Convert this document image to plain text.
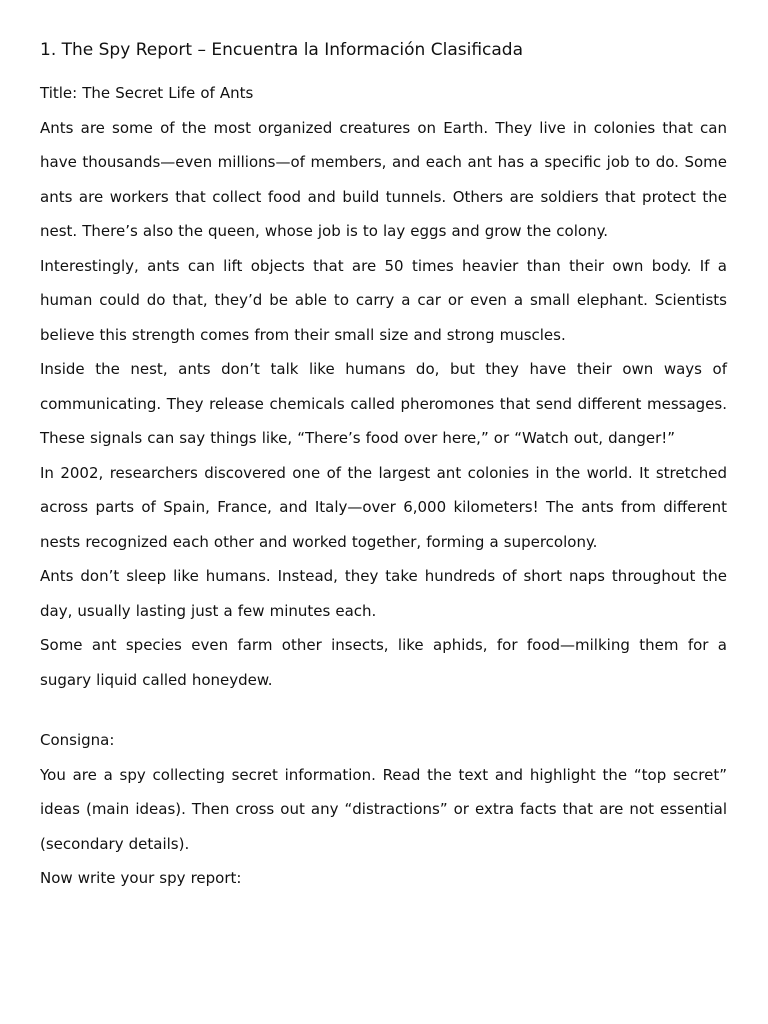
1. The Spy Report – Encuentra la Información Clasificada

Title: The Secret Life of Ants

Ants are some of the most organized creatures on Earth. They live in colonies that can have thousands—even millions—of members, and each ant has a specific job to do. Some ants are workers that collect food and build tunnels. Others are soldiers that protect the nest. There’s also the queen, whose job is to lay eggs and grow the colony.

Interestingly, ants can lift objects that are 50 times heavier than their own body. If a human could do that, they’d be able to carry a car or even a small elephant. Scientists believe this strength comes from their small size and strong muscles.

Inside the nest, ants don’t talk like humans do, but they have their own ways of communicating. They release chemicals called pheromones that send different messages. These signals can say things like, “There’s food over here,” or “Watch out, danger!”

In 2002, researchers discovered one of the largest ant colonies in the world. It stretched across parts of Spain, France, and Italy—over 6,000 kilometers! The ants from different nests recognized each other and worked together, forming a supercolony.

Ants don’t sleep like humans. Instead, they take hundreds of short naps throughout the day, usually lasting just a few minutes each.

Some ant species even farm other insects, like aphids, for food—milking them for a sugary liquid called honeydew.

Consigna:

You are a spy collecting secret information. Read the text and highlight the “top secret” ideas (main ideas). Then cross out any “distractions” or extra facts that are not essential (secondary details).

Now write your spy report:
